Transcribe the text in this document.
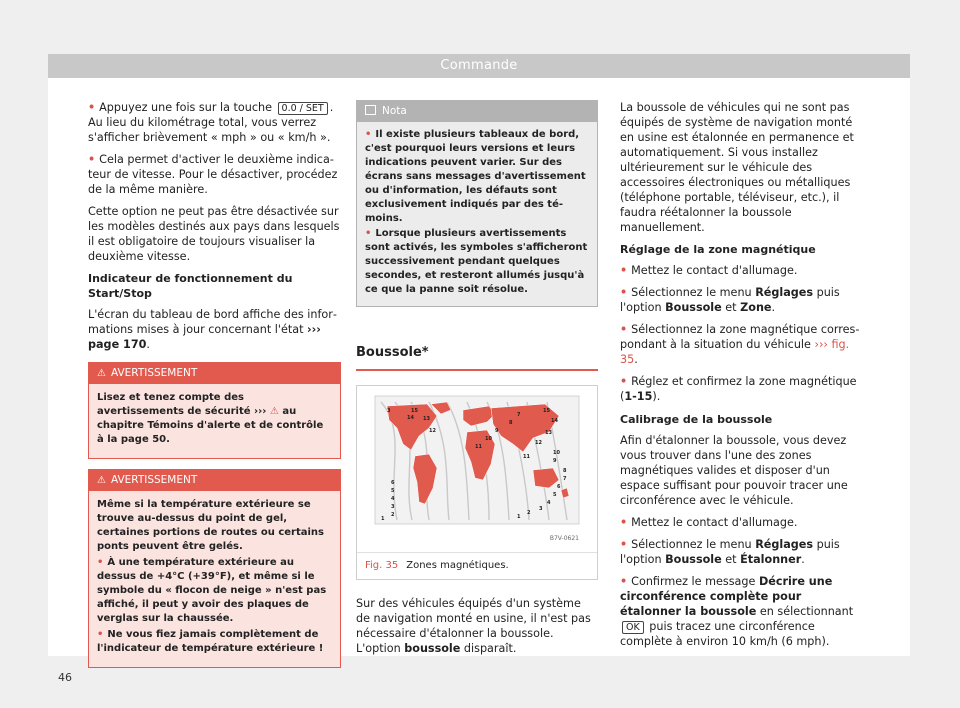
Commande

• Appuyez une fois sur la touche 0.0 / SET . Au lieu du kilométrage total, vous verrez s'afficher brièvement « mph » ou « km/h ».

• Cela permet d'activer le deuxième indicateur de vitesse. Pour le désactiver, procédez de la même manière.

Cette option ne peut pas être désactivée sur les modèles destinés aux pays dans lesquels il est obligatoire de toujours visualiser la deuxième vitesse.

Indicateur de fonctionnement du Start/Stop

L'écran du tableau de bord affiche des informations mises à jour concernant l'état ››› page 170.

⚠ AVERTISSEMENT

Lisez et tenez compte des avertissements de sécurité ››› ⚠ au chapitre Témoins d'alerte et de contrôle à la page 50.

⚠ AVERTISSEMENT

Même si la température extérieure se trouve au-dessus du point de gel, certaines portions de routes ou certains ponts peuvent être gelés.

• À une température extérieure au dessus de +4°C (+39°F), et même si le symbole du « flocon de neige » n'est pas affiché, il peut y avoir des plaques de verglas sur la chaussée.

• Ne vous fiez jamais complètement de l'indicateur de température extérieure !

Nota

• Il existe plusieurs tableaux de bord, c'est pourquoi leurs versions et leurs indications peuvent varier. Sur des écrans sans messages d'avertissement ou d'information, les défauts sont exclusivement indiqués par des témoins.

• Lorsque plusieurs avertissements sont activés, les symboles s'afficheront successivement pendant quelques secondes, et resteront allumés jusqu'à ce que la panne soit résolue.

Boussole*
3	15
14 13
12
11
10
9
8
7
6
5
4
3
2
1
15
14
13
12
11
10
9
8
7
6
5
4
3
2
1
B7V-0621
Fig. 35 Zones magnétiques.

Sur des véhicules équipés d'un système de navigation monté en usine, il n'est pas nécessaire d'étalonner la boussole. L'option boussole disparaît.

La boussole de véhicules qui ne sont pas équipés de système de navigation monté en usine est étalonnée en permanence et automatiquement. Si vous installez ultérieurement sur le véhicule des accessoires électroniques ou métalliques (téléphone portable, téléviseur, etc.), il faudra réétalonner la boussole manuellement.

Réglage de la zone magnétique

• Mettez le contact d'allumage.

• Sélectionnez le menu Réglages puis l'option Boussole et Zone.

• Sélectionnez la zone magnétique correspondant à la situation du véhicule ››› fig. 35.

• Réglez et confirmez la zone magnétique (1-15).

Calibrage de la boussole

Afin d'étalonner la boussole, vous devez vous trouver dans l'une des zones magnétiques valides et disposer d'un espace suffisant pour pouvoir tracer une circonférence avec le véhicule.

• Mettez le contact d'allumage.

• Sélectionnez le menu Réglages puis l'option Boussole et Étalonner.

• Confirmez le message Décrire une circonférence complète pour étalonner la boussole en sélectionnant OK puis tracez une circonférence complète à environ 10 km/h (6 mph).

46
